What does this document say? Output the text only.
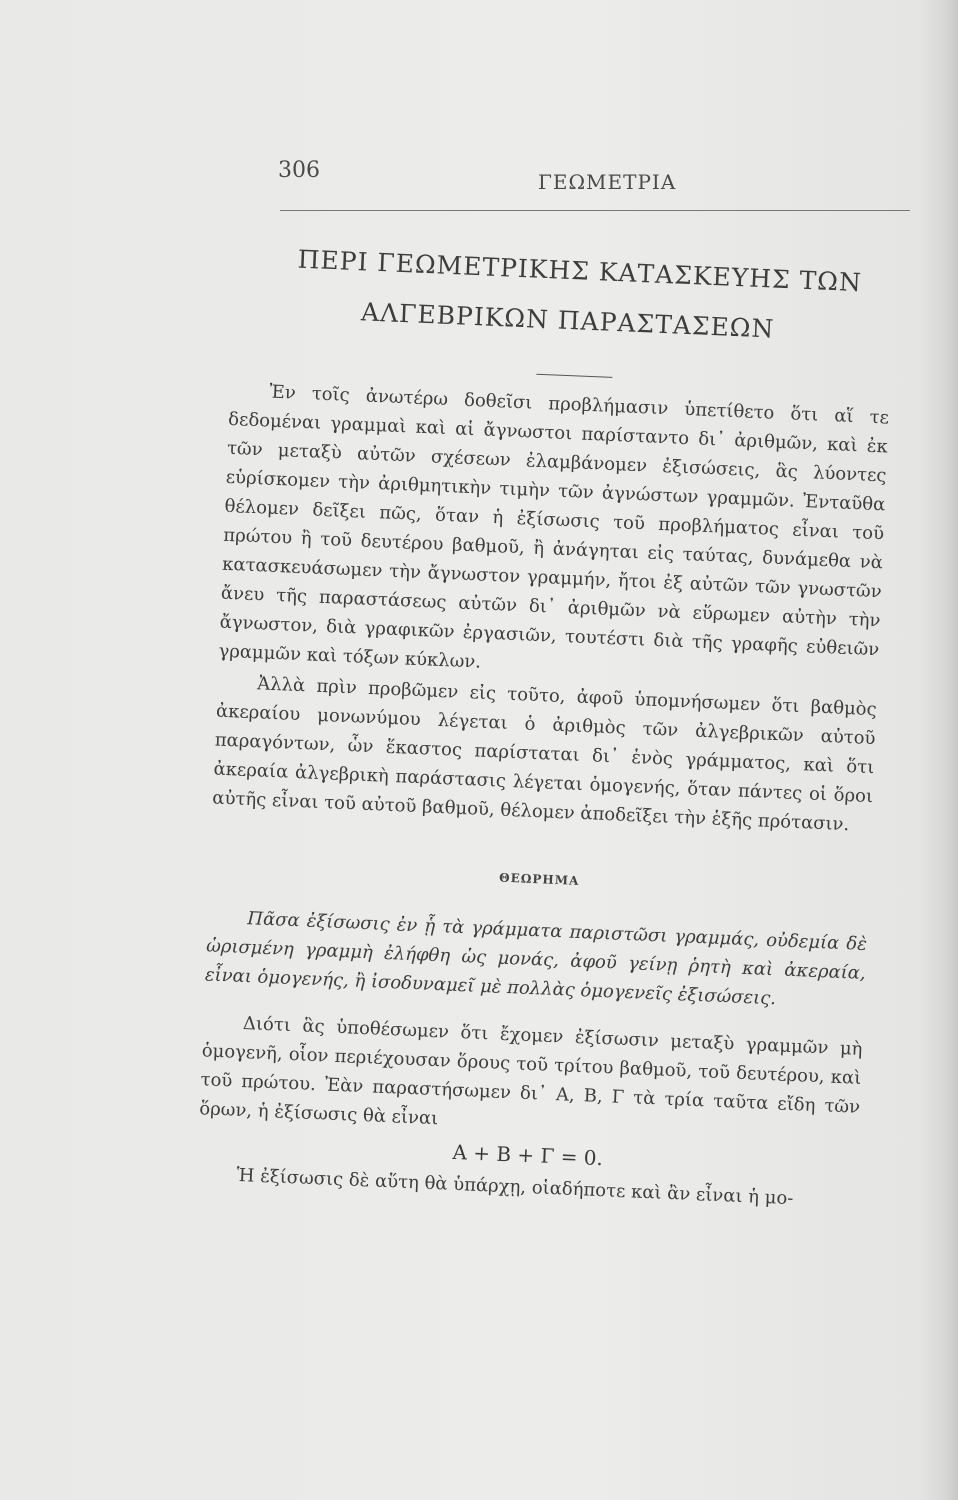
306	ΓΕΩΜΕΤΡΙΑ
ΠΕΡΙ ΓΕΩΜΕΤΡΙΚΗΣ ΚΑΤΑΣΚΕΥΗΣ ΤΩΝ
ΑΛΓΕΒΡΙΚΩΝ ΠΑΡΑΣΤΑΣΕΩΝ

Ἐν τοῖς ἀνωτέρω δοθεῖσι προβλήμασιν ὑπετίθετο ὅτι αἵ τε δεδομέναι γραμμαὶ καὶ αἱ ἄγνωστοι παρίσταντο δι᾽ ἀριθμῶν, καὶ ἐκ τῶν μεταξὺ αὐτῶν σχέσεων ἐλαμβάνομεν ἐξισώσεις, ἃς λύοντες εὑρίσκομεν τὴν ἀριθμητικὴν τιμὴν τῶν ἀγνώστων γραμμῶν. Ἐνταῦθα θέλομεν δεῖξει πῶς, ὅταν ἡ ἐξίσωσις τοῦ προβλήματος εἶναι τοῦ πρώτου ἢ τοῦ δευτέρου βαθμοῦ, ἢ ἀνάγηται εἰς ταύτας, δυνάμεθα νὰ κατασκευάσωμεν τὴν ἄγνωστον γραμμήν, ἤτοι ἐξ αὐτῶν τῶν γνωστῶν ἄνευ τῆς παραστάσεως αὐτῶν δι᾽ ἀριθμῶν νὰ εὕρωμεν αὐτὴν τὴν ἄγνωστον, διὰ γραφικῶν ἐργασιῶν, τουτέστι διὰ τῆς γραφῆς εὐθειῶν γραμμῶν καὶ τόξων κύκλων.

Ἀλλὰ πρὶν προβῶμεν εἰς τοῦτο, ἀφοῦ ὑπομνήσωμεν ὅτι βαθμὸς ἀκεραίου μονωνύμου λέγεται ὁ ἀριθμὸς τῶν ἀλγεβρικῶν αὐτοῦ παραγόντων, ὧν ἕκαστος παρίσταται δι᾽ ἑνὸς γράμματος, καὶ ὅτι ἀκεραία ἀλγεβρικὴ παράστασις λέγεται ὁμογενής, ὅταν πάντες οἱ ὅροι αὐτῆς εἶναι τοῦ αὐτοῦ βαθμοῦ, θέλομεν ἀποδεῖξει τὴν ἑξῆς πρότασιν.

ΘΕΩΡΗΜΑ

Πᾶσα ἐξίσωσις ἐν ᾗ τὰ γράμματα παριστῶσι γραμμάς, οὐδεμία δὲ ὡρισμένη γραμμὴ ἐλήφθη ὡς μονάς, ἀφοῦ γείνῃ ῥητὴ καὶ ἀκεραία, εἶναι ὁμογενής, ἢ ἰσοδυναμεῖ μὲ πολλὰς ὁμογενεῖς ἐξισώσεις.

Διότι ἃς ὑποθέσωμεν ὅτι ἔχομεν ἐξίσωσιν μεταξὺ γραμμῶν μὴ ὁμογενῆ, οἷον περιέχουσαν ὅρους τοῦ τρίτου βαθμοῦ, τοῦ δευτέρου, καὶ τοῦ πρώτου. Ἐὰν παραστήσωμεν δι᾽ Α, Β, Γ τὰ τρία ταῦτα εἴδη τῶν ὅρων, ἡ ἐξίσωσις θὰ εἶναι

Α + Β + Γ = 0.

Ἡ ἐξίσωσις δὲ αὕτη θὰ ὑπάρχῃ, οἱαδήποτε καὶ ἂν εἶναι ἡ μο-
